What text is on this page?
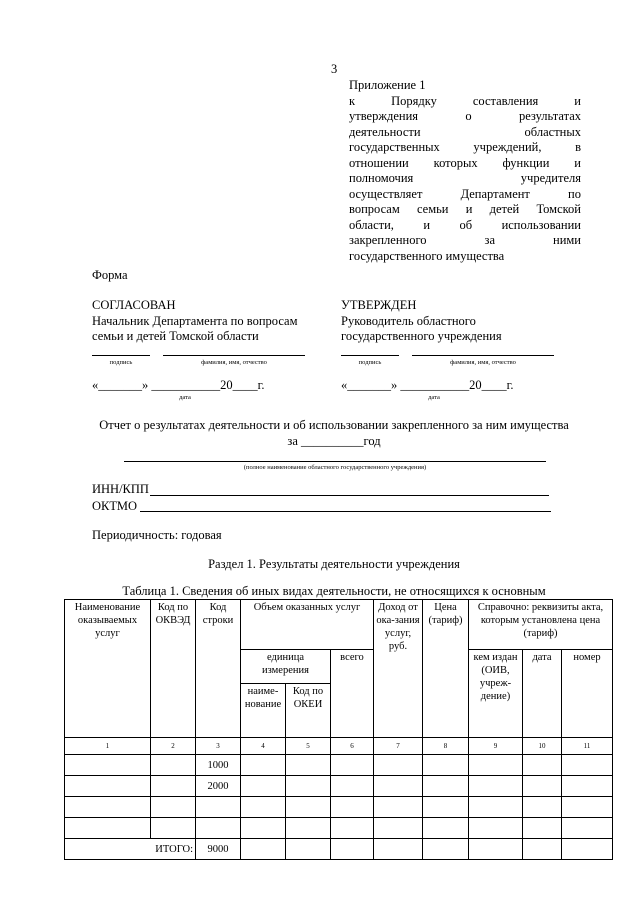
3
Приложение 1
к Порядку составления и
утверждения о результатах
деятельности областных
государственных учреждений, в
отношении которых функции и
полномочия учредителя
осуществляет Департамент по
вопросам семьи и детей Томской
области, и об использовании
закрепленного за ними
государственного имущества
Форма
СОГЛАСОВАН
Начальник Департамента по вопросам
семьи и детей Томской области
подпись	фамилия, имя, отчество
«_______» ___________20____г.
дата
УТВЕРЖДЕН
Руководитель областного
государственного учреждения
подпись	фамилия, имя, отчество
«_______» ___________20____г.
дата
Отчет о результатах деятельности и об использовании закрепленного за ним имущества
за __________год
(полное наименование областного государственного учреждения)
ИНН/КПП
ОКТМО
Периодичность: годовая
Раздел 1. Результаты деятельности учреждения
Таблица 1. Сведения об иных видах деятельности, не относящихся к основным
Наименование оказываемых услуг	Код по ОКВЭД	Код строки	Объем оказанных услуг			Доход от ока-зания услуг, руб.	Цена (тариф)	Справочно: реквизиты акта, которым установлена цена (тариф)		
			единица измерения		всего			кем издан (ОИВ, учреж-дение)	дата	номер
			наиме-нование	Код по ОКЕИ						
1	2	3	4	5	6	7	8	9	10	11
		1000								
		2000								

ИТОГО:		9000								
